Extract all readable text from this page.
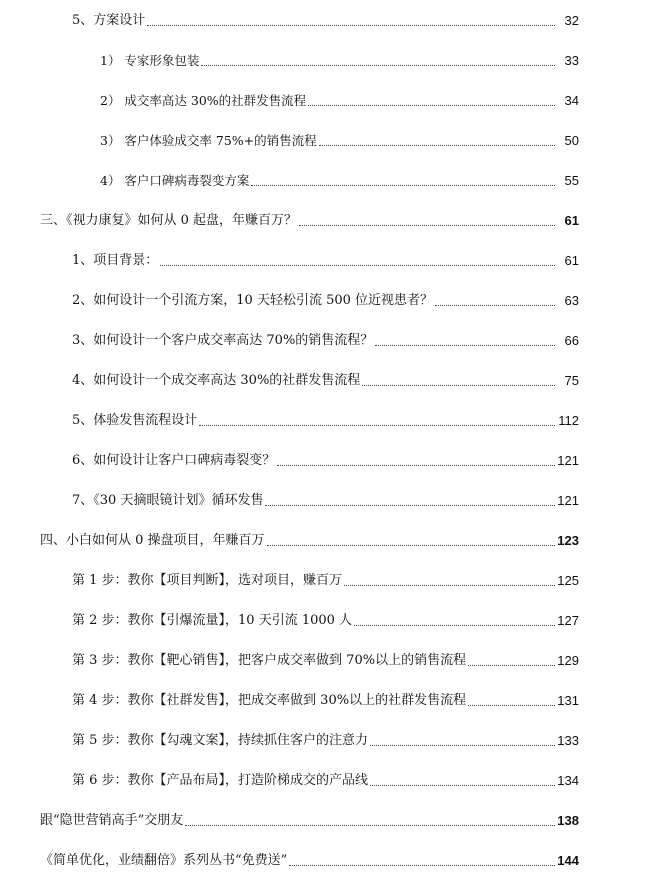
5、方案设计	32
1） 专家形象包装	33
2） 成交率高达 30%的社群发售流程	34
3） 客户体验成交率 75%+的销售流程	50
4） 客户口碑病毒裂变方案	55
三、《视力康复》如何从 0 起盘，年赚百万？	61
1、项目背景：	61
2、如何设计一个引流方案，10 天轻松引流 500 位近视患者？	63
3、如何设计一个客户成交率高达 70%的销售流程？	66
4、如何设计一个成交率高达 30%的社群发售流程	75
5、体验发售流程设计	112
6、如何设计让客户口碑病毒裂变？	121
7、《30 天摘眼镜计划》循环发售	121
四、小白如何从 0 操盘项目，年赚百万	123
第 1 步：教你【项目判断】，选对项目，赚百万	125
第 2 步：教你【引爆流量】，10 天引流 1000 人	127
第 3 步：教你【靶心销售】，把客户成交率做到 70%以上的销售流程	129
第 4 步：教你【社群发售】，把成交率做到 30%以上的社群发售流程	131
第 5 步：教你【勾魂文案】，持续抓住客户的注意力	133
第 6 步：教你【产品布局】，打造阶梯成交的产品线	134
跟“隐世营销高手”交朋友	138
《简单优化，业绩翻倍》系列丛书“免费送”	144
